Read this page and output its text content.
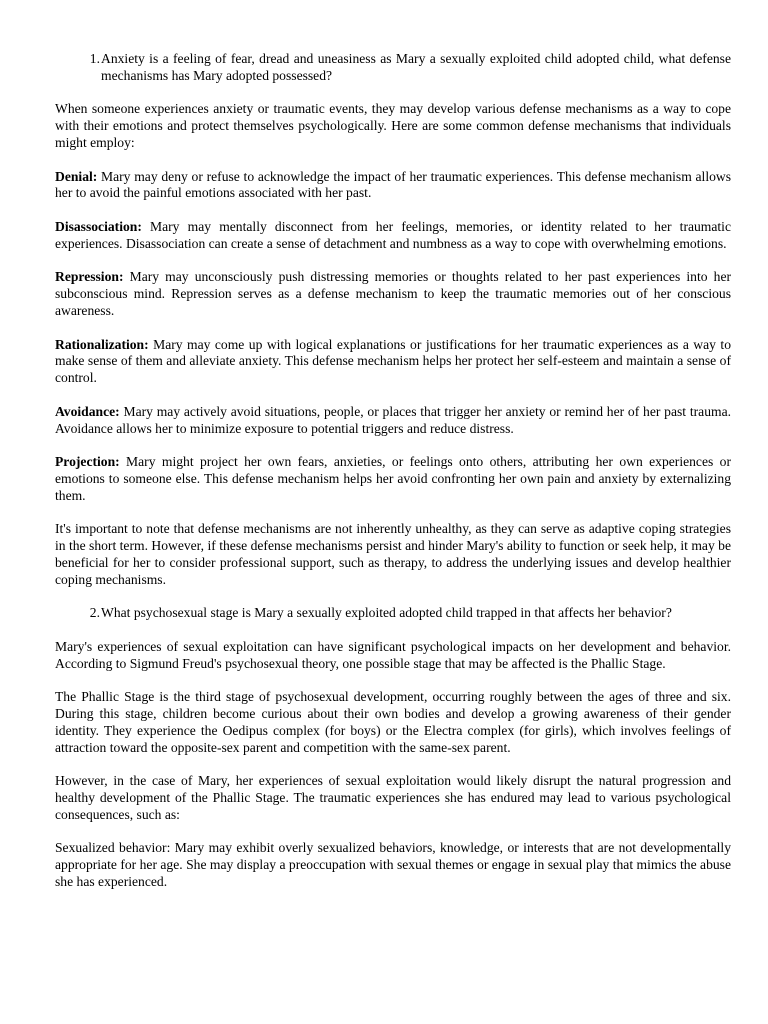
1. Anxiety is a feeling of fear, dread and uneasiness as Mary a sexually exploited child adopted child, what defense mechanisms has Mary adopted possessed?

When someone experiences anxiety or traumatic events, they may develop various defense mechanisms as a way to cope with their emotions and protect themselves psychologically. Here are some common defense mechanisms that individuals might employ:

Denial: Mary may deny or refuse to acknowledge the impact of her traumatic experiences. This defense mechanism allows her to avoid the painful emotions associated with her past.

Disassociation: Mary may mentally disconnect from her feelings, memories, or identity related to her traumatic experiences. Disassociation can create a sense of detachment and numbness as a way to cope with overwhelming emotions.

Repression: Mary may unconsciously push distressing memories or thoughts related to her past experiences into her subconscious mind. Repression serves as a defense mechanism to keep the traumatic memories out of her conscious awareness.

Rationalization: Mary may come up with logical explanations or justifications for her traumatic experiences as a way to make sense of them and alleviate anxiety. This defense mechanism helps her protect her self-esteem and maintain a sense of control.

Avoidance: Mary may actively avoid situations, people, or places that trigger her anxiety or remind her of her past trauma. Avoidance allows her to minimize exposure to potential triggers and reduce distress.

Projection: Mary might project her own fears, anxieties, or feelings onto others, attributing her own experiences or emotions to someone else. This defense mechanism helps her avoid confronting her own pain and anxiety by externalizing them.

It's important to note that defense mechanisms are not inherently unhealthy, as they can serve as adaptive coping strategies in the short term. However, if these defense mechanisms persist and hinder Mary's ability to function or seek help, it may be beneficial for her to consider professional support, such as therapy, to address the underlying issues and develop healthier coping mechanisms.

2. What psychosexual stage is Mary a sexually exploited adopted child trapped in that affects her behavior?

Mary's experiences of sexual exploitation can have significant psychological impacts on her development and behavior. According to Sigmund Freud's psychosexual theory, one possible stage that may be affected is the Phallic Stage.

The Phallic Stage is the third stage of psychosexual development, occurring roughly between the ages of three and six. During this stage, children become curious about their own bodies and develop a growing awareness of their gender identity. They experience the Oedipus complex (for boys) or the Electra complex (for girls), which involves feelings of attraction toward the opposite-sex parent and competition with the same-sex parent.

However, in the case of Mary, her experiences of sexual exploitation would likely disrupt the natural progression and healthy development of the Phallic Stage. The traumatic experiences she has endured may lead to various psychological consequences, such as:

Sexualized behavior: Mary may exhibit overly sexualized behaviors, knowledge, or interests that are not developmentally appropriate for her age. She may display a preoccupation with sexual themes or engage in sexual play that mimics the abuse she has experienced.
